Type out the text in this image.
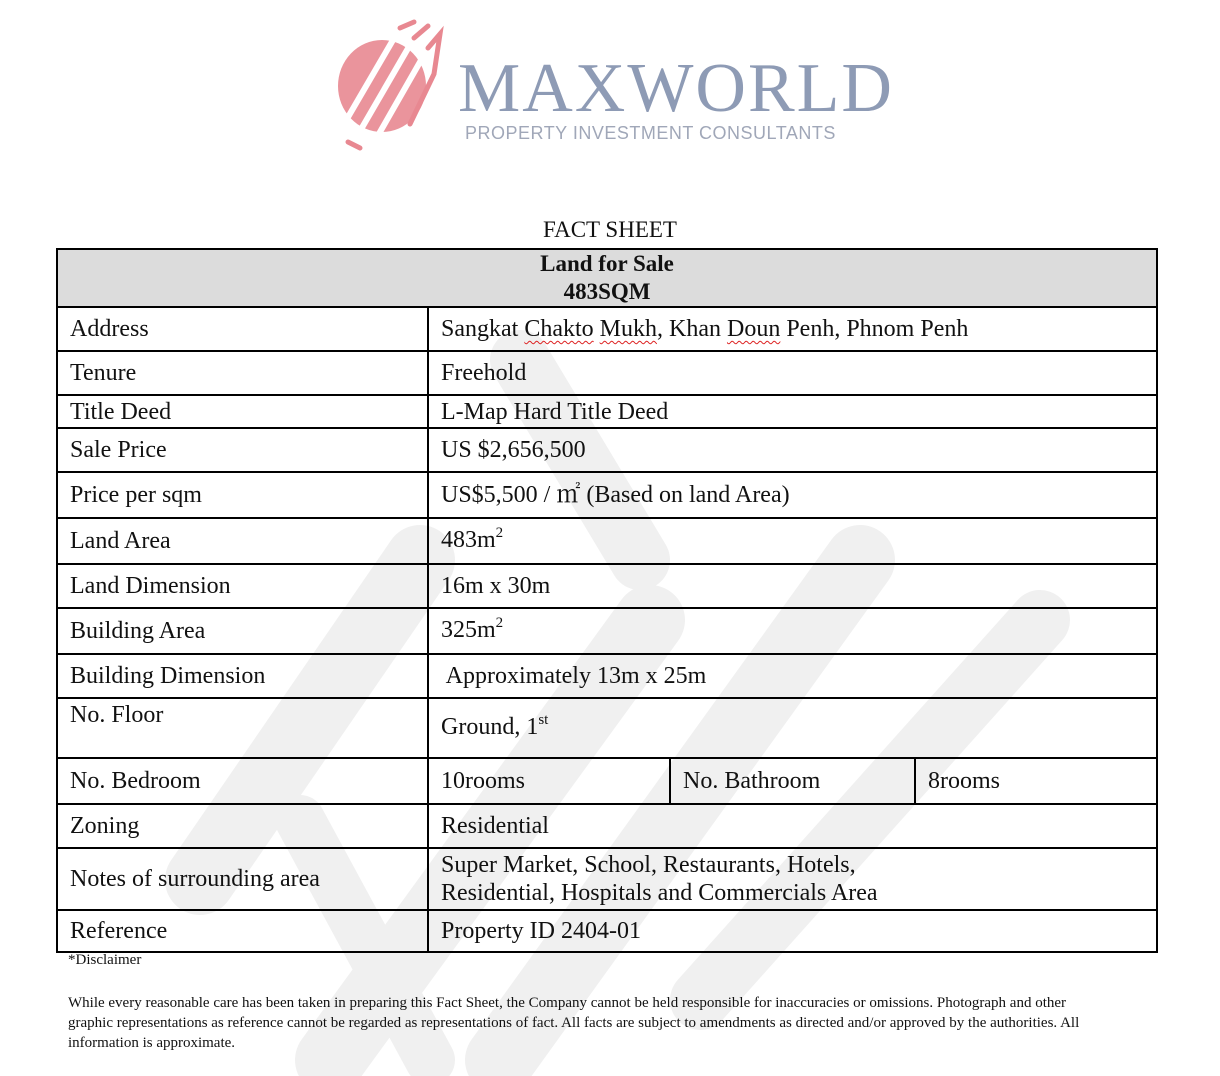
MAXWORLD
PROPERTY INVESTMENT CONSULTANTS
FACT SHEET
Land for Sale
483SQM			

Address	Sangkat Chakto Mukh, Khan Doun Penh, Phnom Penh		
Tenure	Freehold		
Title Deed	L-Map Hard Title Deed		
Sale Price	US $2,656,500		
Price per sqm	US$5,500 / ㎡ (Based on land Area)		
Land Area	$483m^2$
Land Dimension	16m x 30m		
Building Area	$325m^2$
Building Dimension	Approximately 13m x 25m		
No. Floor	Ground, 1st
No. Bedroom	10rooms	No. Bathroom	8rooms
Zoning	Residential		
Notes of surrounding area	Super Market, School, Restaurants, Hotels,
Residential, Hospitals and Commercials Area		

Reference	Property ID 2404-01		
*Disclaimer
While every reasonable care has been taken in preparing this Fact Sheet, the Company cannot be held responsible for inaccuracies or omissions. Photograph and other graphic representations as reference cannot be regarded as representations of fact. All facts are subject to amendments as directed and/or approved by the authorities. All information is approximate.
